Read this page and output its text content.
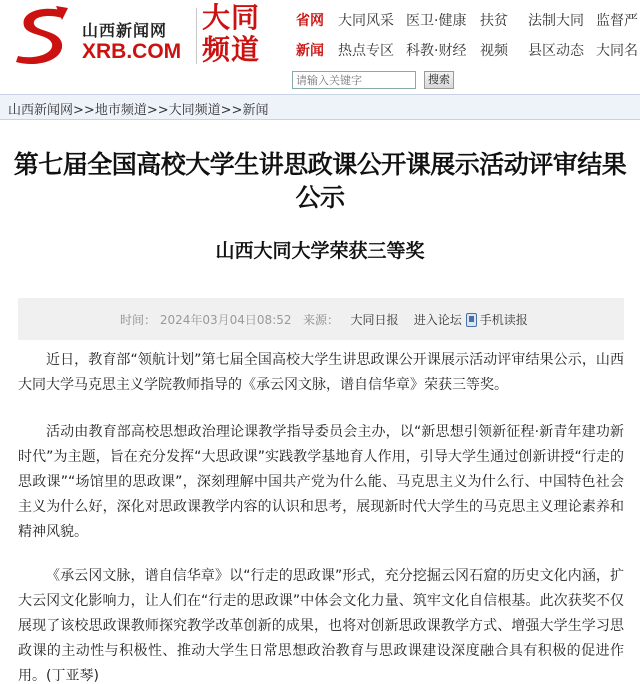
山西新闻网
XRB.COM
大同
频道
省网 大同风采 医卫·健康 扶贫 法制大同 监督严
新闻 热点专区 科教·财经 视频 县区动态 大同名
请输入关键字
搜索
山西新闻网>>地市频道>>大同频道>>新闻
第七届全国高校大学生讲思政课公开课展示活动评审结果公示
山西大同大学荣获三等奖
时间： 2024年03月04日08:52 来源： 大同日报 进入论坛 手机读报

近日，教育部“领航计划”第七届全国高校大学生讲思政课公开课展示活动评审结果公示，山西大同大学马克思主义学院教师指导的《承云冈文脉，谱自信华章》荣获三等奖。

活动由教育部高校思想政治理论课教学指导委员会主办，以“新思想引领新征程·新青年建功新时代”为主题，旨在充分发挥“大思政课”实践教学基地育人作用，引导大学生通过创新讲授“行走的思政课”“场馆里的思政课”，深刻理解中国共产党为什么能、马克思主义为什么行、中国特色社会主义为什么好，深化对思政课教学内容的认识和思考，展现新时代大学生的马克思主义理论素养和精神风貌。

《承云冈文脉，谱自信华章》以“行走的思政课”形式，充分挖掘云冈石窟的历史文化内涵，扩大云冈文化影响力，让人们在“行走的思政课”中体会文化力量、筑牢文化自信根基。此次获奖不仅展现了该校思政课教师探究教学改革创新的成果，也将对创新思政课教学方式、增强大学生学习思政课的主动性与积极性、推动大学生日常思想政治教育与思政课建设深度融合具有积极的促进作用。(丁亚琴)
